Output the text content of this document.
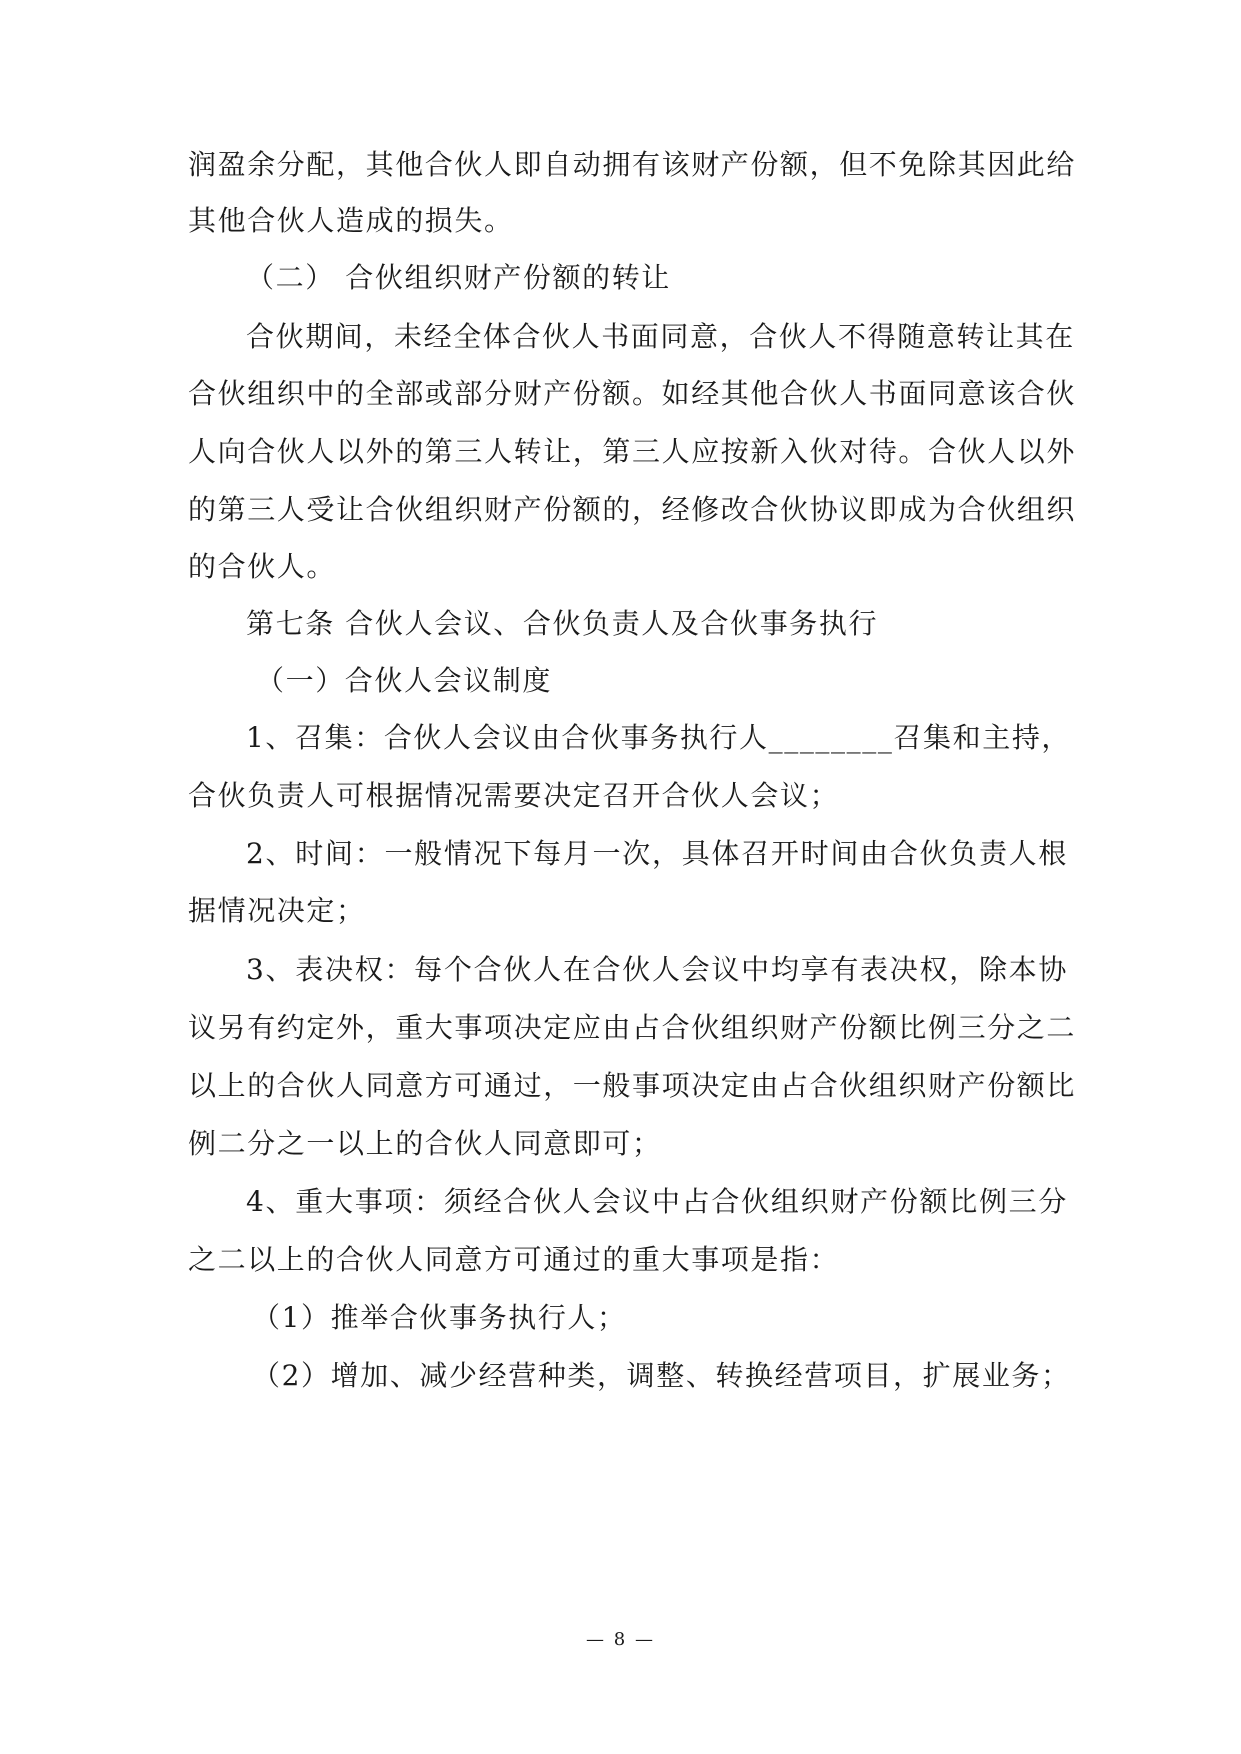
润盈余分配，其他合伙人即自动拥有该财产份额，但不免除其因此给
其他合伙人造成的损失。
（二） 合伙组织财产份额的转让
合伙期间，未经全体合伙人书面同意，合伙人不得随意转让其在
合伙组织中的全部或部分财产份额。如经其他合伙人书面同意该合伙
人向合伙人以外的第三人转让，第三人应按新入伙对待。合伙人以外
的第三人受让合伙组织财产份额的，经修改合伙协议即成为合伙组织
的合伙人。
第七条 合伙人会议、合伙负责人及合伙事务执行
（一）合伙人会议制度
1、召集：合伙人会议由合伙事务执行人________召集和主持，
合伙负责人可根据情况需要决定召开合伙人会议；
2、时间：一般情况下每月一次，具体召开时间由合伙负责人根
据情况决定；
3、表决权：每个合伙人在合伙人会议中均享有表决权，除本协
议另有约定外，重大事项决定应由占合伙组织财产份额比例三分之二
以上的合伙人同意方可通过，一般事项决定由占合伙组织财产份额比
例二分之一以上的合伙人同意即可；
4、重大事项：须经合伙人会议中占合伙组织财产份额比例三分
之二以上的合伙人同意方可通过的重大事项是指：
（1）推举合伙事务执行人；
（2）增加、减少经营种类，调整、转换经营项目，扩展业务；
— 8 —
